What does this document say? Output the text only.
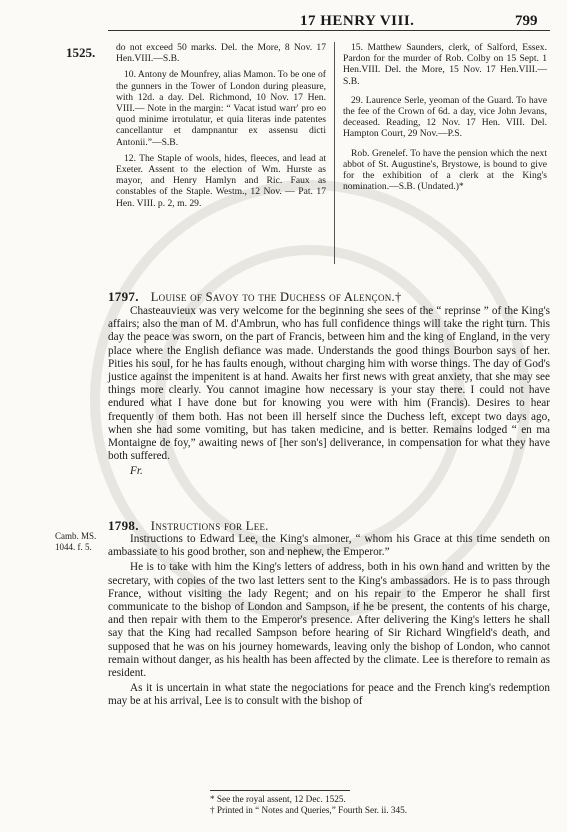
17 HENRY VIII.	799
1525. do not exceed 50 marks. Del. the More, 8 Nov. 17 Hen.VIII.—S.B.

10. Antony de Mounfrey, alias Mamon. To be one of the gunners in the Tower of London during pleasure, with 12d. a day. Del. Richmond, 10 Nov. 17 Hen. VIII.— Note in the margin: “ Vacat istud warr' pro eo quod minime irrotulatur, et quia literas inde patentes cancellantur et dampnantur ex assensu dicti Antonii.”—S.B.

12. The Staple of wools, hides, fleeces, and lead at Exeter. Assent to the election of Wm. Hurste as mayor, and Henry Hamlyn and Ric. Faux as constables of the Staple. Westm., 12 Nov. — Pat. 17 Hen. VIII. p. 2, m. 29.

15. Matthew Saunders, clerk, of Salford, Essex. Pardon for the murder of Rob. Colby on 15 Sept. 1 Hen.VIII. Del. the More, 15 Nov. 17 Hen.VIII.—S.B.

29. Laurence Serle, yeoman of the Guard. To have the fee of the Crown of 6d. a day, vice John Jevans, deceased. Reading, 12 Nov. 17 Hen. VIII. Del. Hampton Court, 29 Nov.—P.S.

Rob. Grenelef. To have the pension which the next abbot of St. Augustine's, Brystowe, is bound to give for the exhibition of a clerk at the King's nomination.—S.B. (Undated.)*

1797. Louise of Savoy to the Duchess of Alençon.†

Chasteauvieux was very welcome for the beginning she sees of the “ reprinse ” of the King's affairs; also the man of M. d'Ambrun, who has full confidence things will take the right turn. This day the peace was sworn, on the part of Francis, between him and the king of England, in the very place where the English defiance was made. Understands the good things Bourbon says of her. Pities his soul, for he has faults enough, without charging him with worse things. The day of God's justice against the impenitent is at hand. Awaits her first news with great anxiety, that she may see things more clearly. You cannot imagine how necessary is your stay there. I could not have endured what I have done but for knowing you were with him (Francis). Desires to hear frequently of them both. Has not been ill herself since the Duchess left, except two days ago, when she had some vomiting, but has taken medicine, and is better. Remains lodged “ en ma Montaigne de foy,” awaiting news of [her son's] deliverance, in compensation for what they have both suffered.

Fr.
Camb. MS. 1044. f. 5.
1798. Instructions for Lee.

Instructions to Edward Lee, the King's almoner, “ whom his Grace at this time sendeth on ambassiate to his good brother, son and nephew, the Emperor.”

He is to take with him the King's letters of address, both in his own hand and written by the secretary, with copies of the two last letters sent to the King's ambassadors. He is to pass through France, without visiting the lady Regent; and on his repair to the Emperor he shall first communicate to the bishop of London and Sampson, if he be present, the contents of his charge, and then repair with them to the Emperor's presence. After delivering the King's letters he shall say that the King had recalled Sampson before hearing of Sir Richard Wingfield's death, and supposed that he was on his journey homewards, leaving only the bishop of London, who cannot remain without danger, as his health has been affected by the climate. Lee is therefore to remain as resident.

As it is uncertain in what state the negociations for peace and the French king's redemption may be at his arrival, Lee is to consult with the bishop of

* See the royal assent, 12 Dec. 1525.
† Printed in “ Notes and Queries,” Fourth Ser. ii. 345.
